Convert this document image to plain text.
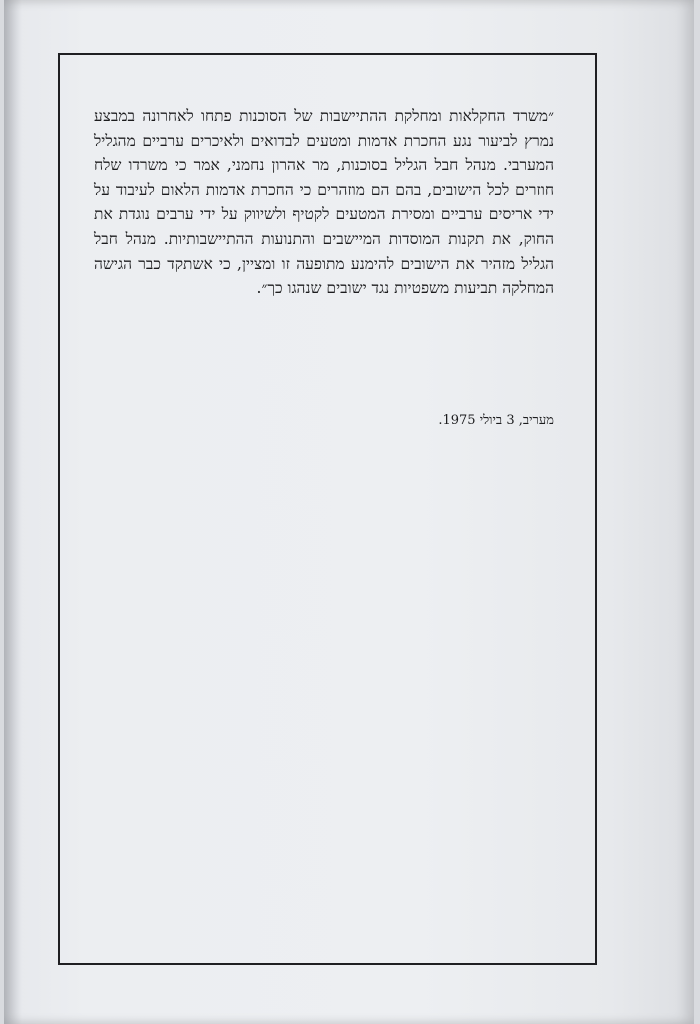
״משרד החקלאות ומחלקת ההתיישבות של הסוכנות פתחו לאחרונה במבצע נמרץ לביעור נגע החכרת אדמות ומטעים לבדואים ולאיכרים ערביים מהגליל המערבי. מנהל חבל הגליל בסוכנות, מר אהרון נחמני, אמר כי משרדו שלח חוזרים לכל הישובים, בהם הם מוזהרים כי החכרת אדמות הלאום לעיבוד על ידי אריסים ערביים ומסירת המטעים לקטיף ולשיווק על ידי ערבים נוגדת את החוק, את תקנות המוסדות המיישבים והתנועות ההתיישבותיות. מנהל חבל הגליל מזהיר את הישובים להימנע מתופעה זו ומציין, כי אשתקד כבר הגישה המחלקה תביעות משפטיות נגד ישובים שנהגו כך״.

מעריב, 3 ביולי 1975.
